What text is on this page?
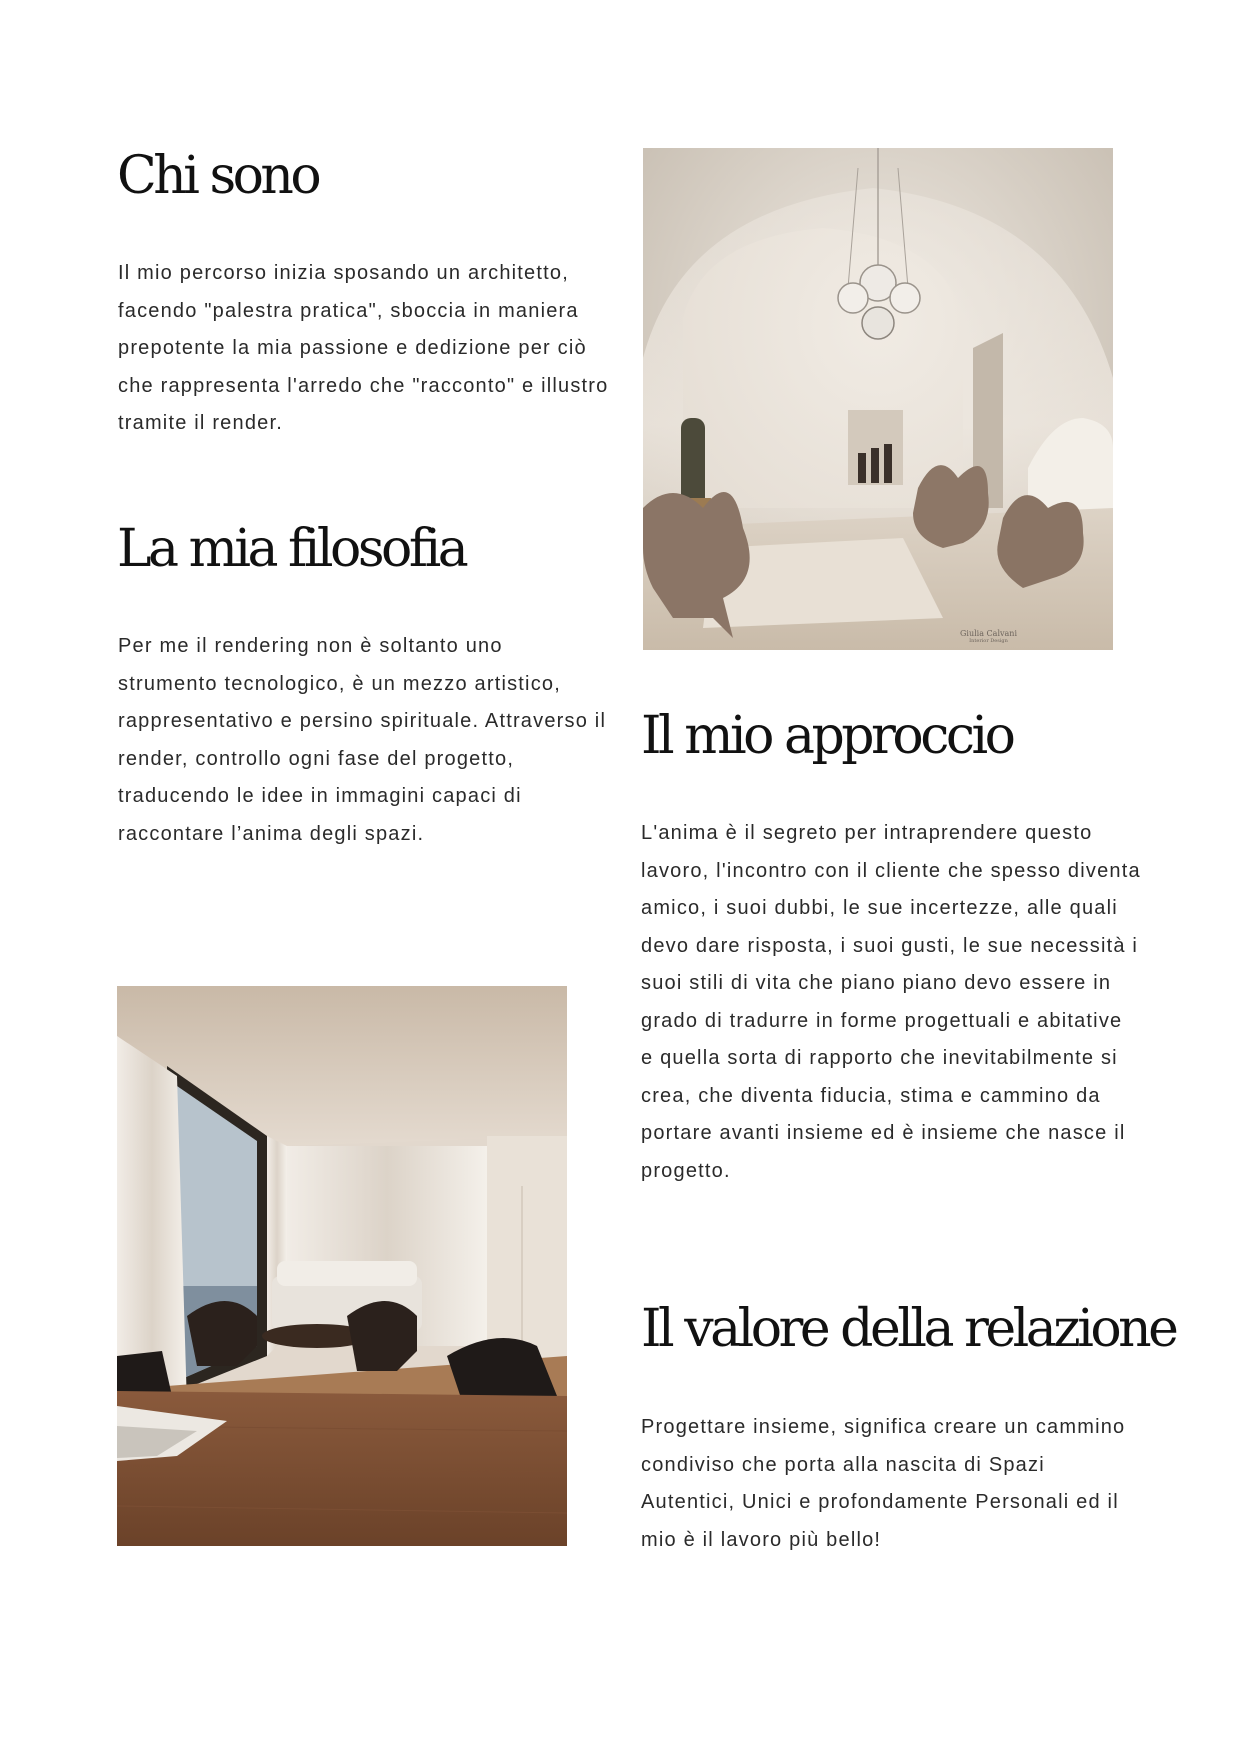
Chi sono

Il mio percorso inizia sposando un architetto, facendo "palestra pratica", sboccia in maniera prepotente la mia passione e dedizione per ciò che rappresenta l'arredo che "racconto" e illustro tramite il render.

La mia filosofia

Per me il rendering non è soltanto uno strumento tecnologico, è un mezzo artistico, rappresentativo e persino spirituale. Attraverso il render, controllo ogni fase del progetto, traducendo le idee in immagini capaci di raccontare l’anima degli spazi.

Giulia Calvani
Interior Design
Il mio approccio

L'anima è il segreto per intraprendere questo lavoro, l'incontro con il cliente che spesso diventa amico, i suoi dubbi, le sue incertezze, alle quali devo dare risposta, i suoi gusti, le sue necessità i suoi stili di vita che piano piano devo essere in grado di tradurre in forme progettuali e abitative e quella sorta di rapporto che inevitabilmente si crea, che diventa fiducia, stima e cammino da portare avanti insieme ed è insieme che nasce il progetto.

Il valore della relazione

Progettare insieme, significa creare un cammino condiviso che porta alla nascita di Spazi Autentici, Unici e profondamente Personali ed il mio è il lavoro più bello!
